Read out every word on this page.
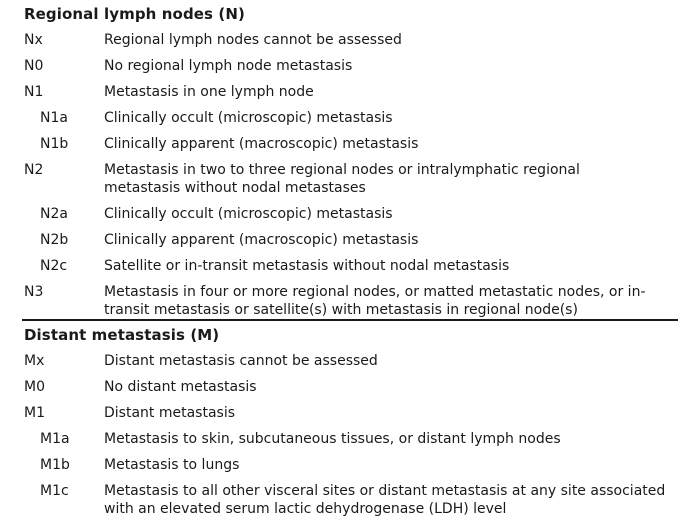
Regional lymph nodes (N)
Nx	Regional lymph nodes cannot be assessed
N0	No regional lymph node metastasis
N1	Metastasis in one lymph node
N1a	Clinically occult (microscopic) metastasis
N1b	Clinically apparent (macroscopic) metastasis
N2	Metastasis in two to three regional nodes or intralymphatic regional metastasis without nodal metastases
N2a	Clinically occult (microscopic) metastasis
N2b	Clinically apparent (macroscopic) metastasis
N2c	Satellite or in-transit metastasis without nodal metastasis
N3	Metastasis in four or more regional nodes, or matted metastatic nodes, or in-transit metastasis or satellite(s) with metastasis in regional node(s)
Distant metastasis (M)
Mx	Distant metastasis cannot be assessed
M0	No distant metastasis
M1	Distant metastasis
M1a Metastasis to skin, subcutaneous tissues, or distant lymph nodes
M1b Metastasis to lungs
M1c	Metastasis to all other visceral sites or distant metastasis at any site associated with an elevated serum lactic dehydrogenase (LDH) level
